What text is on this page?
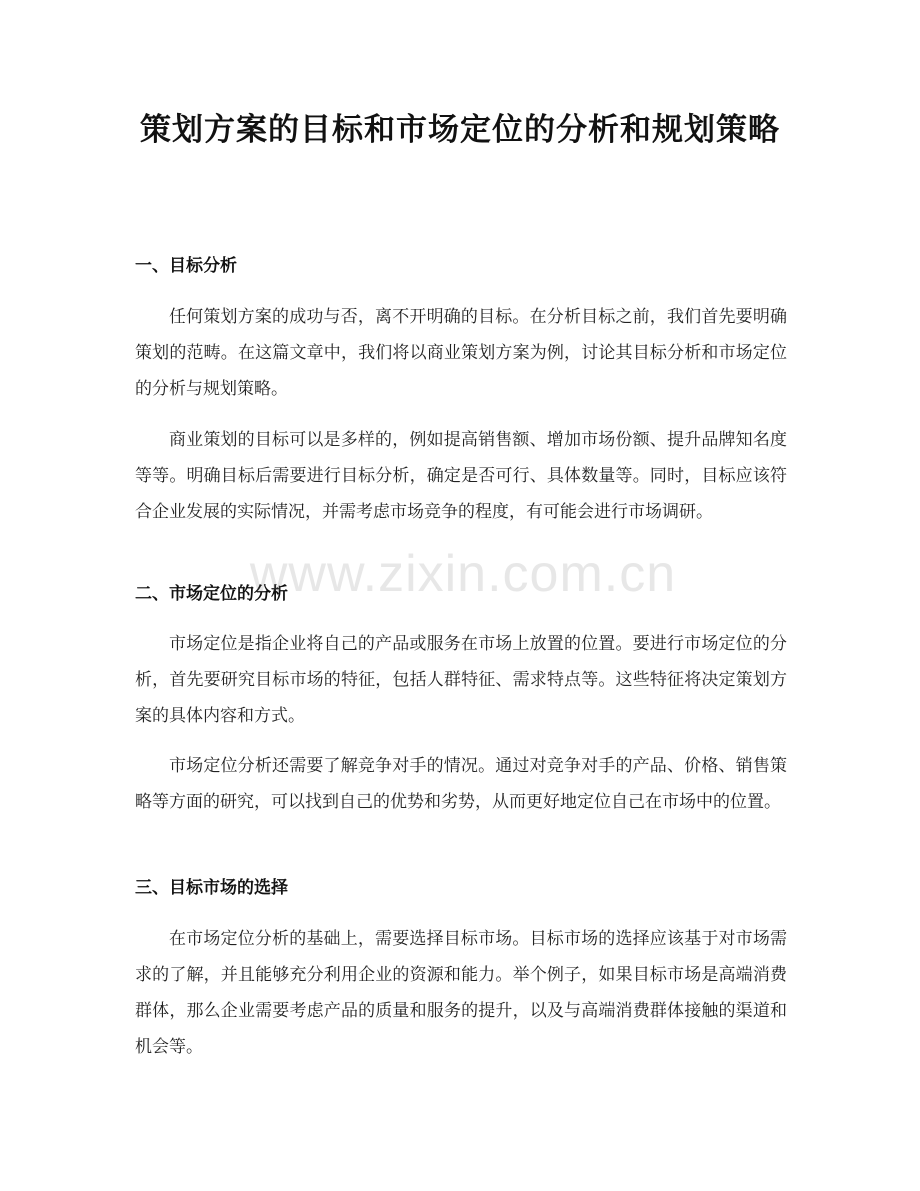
策划方案的目标和市场定位的分析和规划策略
一、目标分析
任何策划方案的成功与否，离不开明确的目标。在分析目标之前，我们首先要明确策划的范畴。在这篇文章中，我们将以商业策划方案为例，讨论其目标分析和市场定位的分析与规划策略。
商业策划的目标可以是多样的，例如提高销售额、增加市场份额、提升品牌知名度等等。明确目标后需要进行目标分析，确定是否可行、具体数量等。同时，目标应该符合企业发展的实际情况，并需考虑市场竞争的程度，有可能会进行市场调研。
二、市场定位的分析
市场定位是指企业将自己的产品或服务在市场上放置的位置。要进行市场定位的分析，首先要研究目标市场的特征，包括人群特征、需求特点等。这些特征将决定策划方案的具体内容和方式。
市场定位分析还需要了解竞争对手的情况。通过对竞争对手的产品、价格、销售策略等方面的研究，可以找到自己的优势和劣势，从而更好地定位自己在市场中的位置。
三、目标市场的选择
在市场定位分析的基础上，需要选择目标市场。目标市场的选择应该基于对市场需求的了解，并且能够充分利用企业的资源和能力。举个例子，如果目标市场是高端消费群体，那么企业需要考虑产品的质量和服务的提升，以及与高端消费群体接触的渠道和机会等。
www.zixin.com.cn
